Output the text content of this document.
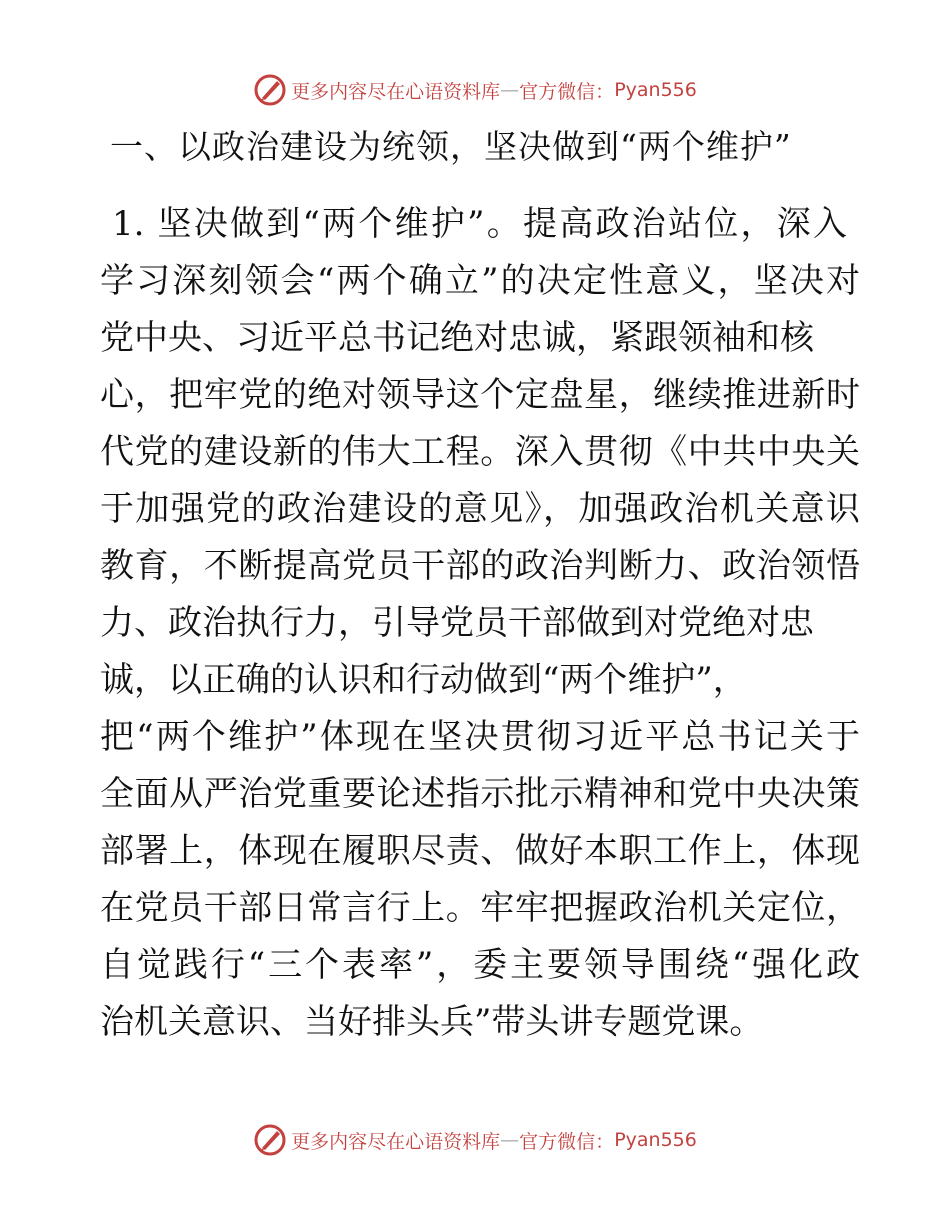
更多内容尽在心语资料库 — 官方微信 ： Pyan556
一、以政治建设为统领，坚决做到“两个维护”
1. 坚决做到“两个维护”。提高政治站位，深入
学习深刻领会“两个确立”的决定性意义，坚决对
党中央、习近平总书记绝对忠诚，紧跟领袖和核
心，把牢党的绝对领导这个定盘星，继续推进新时
代党的建设新的伟大工程。深入贯彻《中共中央关
于加强党的政治建设的意见》，加强政治机关意识
教育，不断提高党员干部的政治判断力、政治领悟
力、政治执行力，引导党员干部做到对党绝对忠
诚，以正确的认识和行动做到“两个维护”，
把“两个维护”体现在坚决贯彻习近平总书记关于
全面从严治党重要论述指示批示精神和党中央决策
部署上，体现在履职尽责、做好本职工作上，体现
在党员干部日常言行上。牢牢把握政治机关定位，
自觉践行“三个表率”，委主要领导围绕“强化政
治机关意识、当好排头兵”带头讲专题党课。
更多内容尽在心语资料库 — 官方微信 ： Pyan556
